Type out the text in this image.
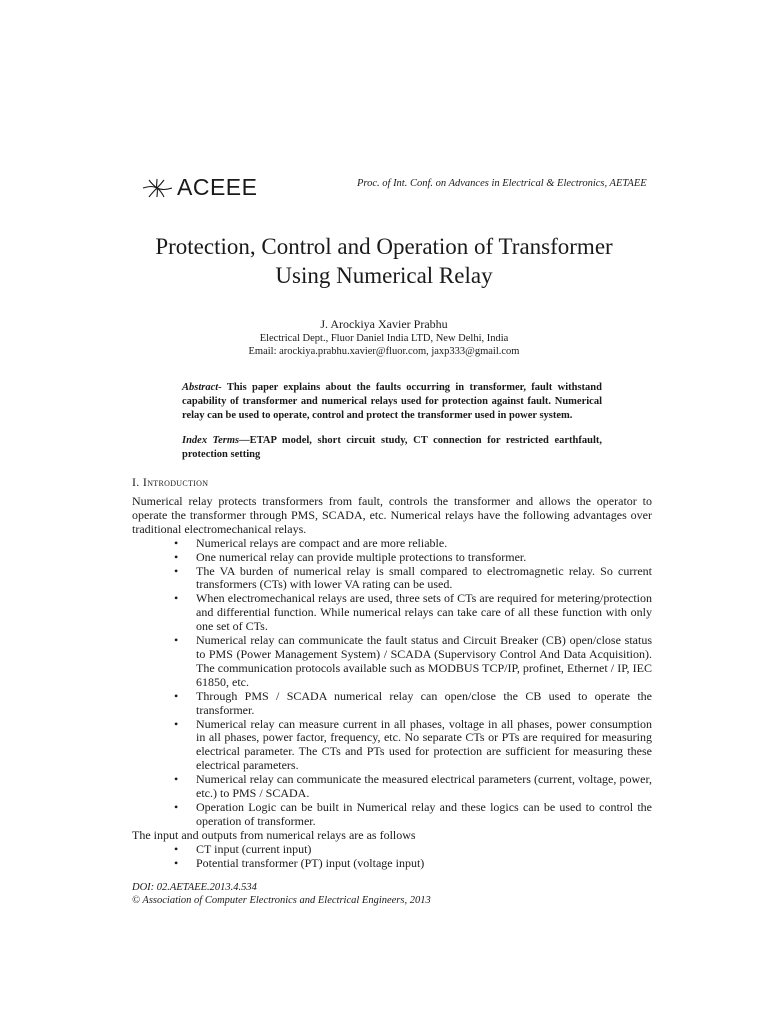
ACEEE	Proc. of Int. Conf. on Advances in Electrical & Electronics, AETAEE
Protection, Control and Operation of Transformer
Using Numerical Relay
J. Arockiya Xavier Prabhu
Electrical Dept., Fluor Daniel India LTD, New Delhi, India
Email: arockiya.prabhu.xavier@fluor.com, jaxp333@gmail.com
Abstract- This paper explains about the faults occurring in transformer, fault withstand capability of transformer and numerical relays used for protection against fault. Numerical relay can be used to operate, control and protect the transformer used in power system.
Index Terms—ETAP model, short circuit study, CT connection for restricted earthfault, protection setting
I. Introduction

Numerical relay protects transformers from fault, controls the transformer and allows the operator to operate the transformer through PMS, SCADA, etc. Numerical relays have the following advantages over traditional electromechanical relays.

• Numerical relays are compact and are more reliable.
• One numerical relay can provide multiple protections to transformer.
• The VA burden of numerical relay is small compared to electromagnetic relay. So current transformers (CTs) with lower VA rating can be used.
• When electromechanical relays are used, three sets of CTs are required for metering/protection and differential function. While numerical relays can take care of all these function with only one set of CTs.
• Numerical relay can communicate the fault status and Circuit Breaker (CB) open/close status to PMS (Power Management System) / SCADA (Supervisory Control And Data Acquisition). The communication protocols available such as MODBUS TCP/IP, profinet, Ethernet / IP, IEC 61850, etc.
• Through PMS / SCADA numerical relay can open/close the CB used to operate the transformer.
• Numerical relay can measure current in all phases, voltage in all phases, power consumption in all phases, power factor, frequency, etc. No separate CTs or PTs are required for measuring electrical parameter. The CTs and PTs used for protection are sufficient for measuring these electrical parameters.
• Numerical relay can communicate the measured electrical parameters (current, voltage, power, etc.) to PMS / SCADA.
• Operation Logic can be built in Numerical relay and these logics can be used to control the operation of transformer.

The input and outputs from numerical relays are as follows

• CT input (current input)
• Potential transformer (PT) input (voltage input)
DOI: 02.AETAEE.2013.4.534
© Association of Computer Electronics and Electrical Engineers, 2013
